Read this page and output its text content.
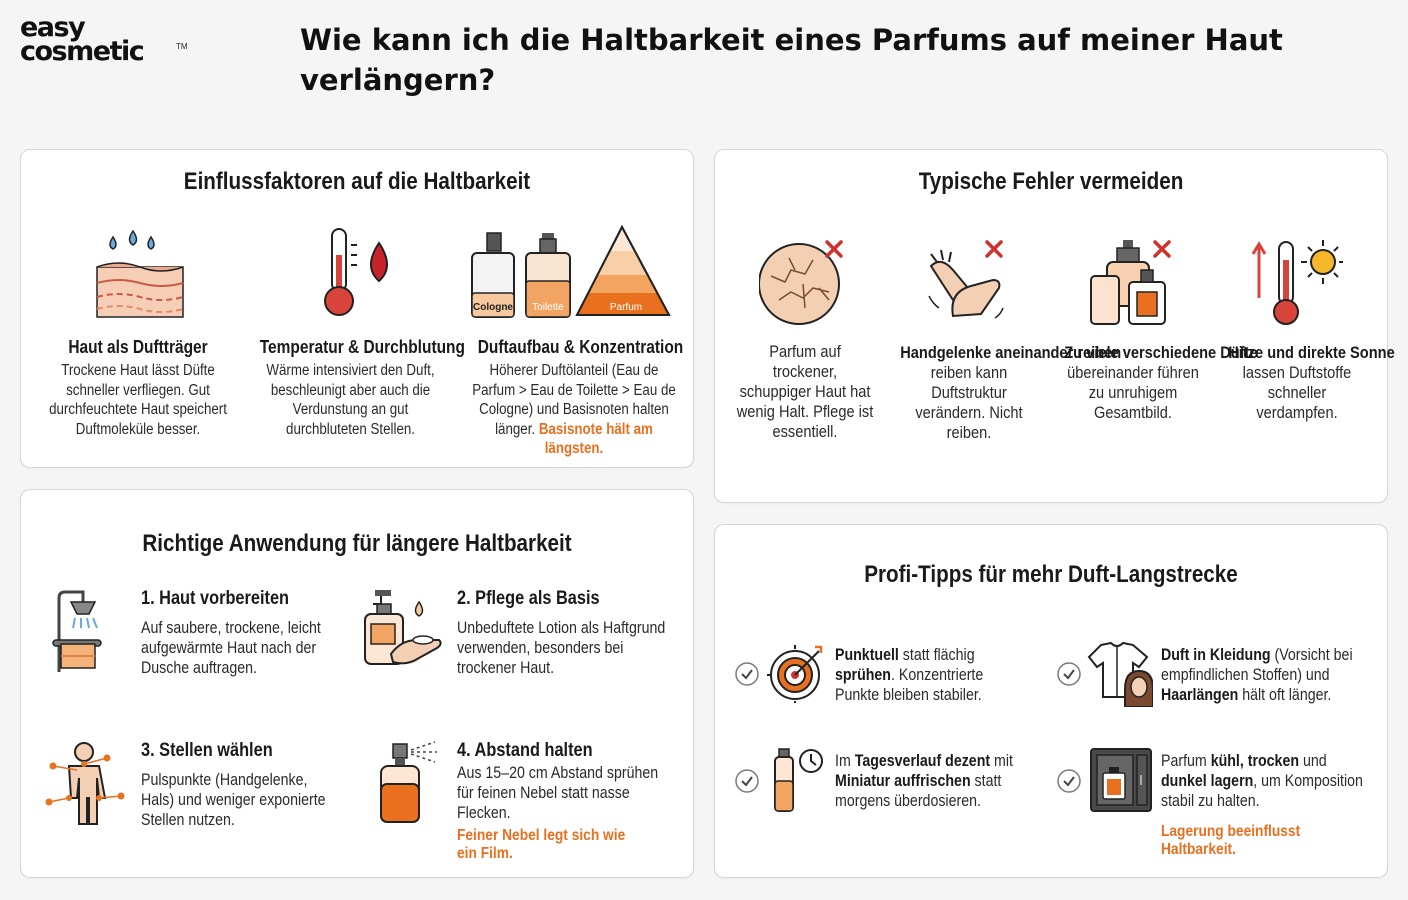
easy
cosmetic	TM	Wie kann ich die Haltbarkeit eines Parfums auf meiner Haut verlängern?
Einflussfaktoren auf die Haltbarkeit
Haut als Duftträger
Trockene Haut lässt Düfte schneller verfliegen. Gut durchfeuchtete Haut speichert Duftmoleküle besser.
Temperatur & Durchblutung
Wärme intensiviert den Duft, beschleunigt aber auch die Verdunstung an gut durchbluteten Stellen.
Cologne	Toilette	Parfum
Duftaufbau & Konzentration
Höherer Duftölanteil (Eau de Parfum > Eau de Toilette > Eau de Cologne) und Basisnoten halten länger. Basisnote hält am längsten.
Typische Fehler vermeiden
Parfum auf trockener, schuppiger Haut hat wenig Halt. Pflege ist essentiell.
Handgelenke aneinander reiben reiben kann Duftstruktur verändern. Nicht reiben.
Zu viele verschiedene Düfte übereinander führen zu unruhigem Gesamtbild.
Hitze und direkte Sonne lassen Duftstoffe schneller verdampfen.
Richtige Anwendung für längere Haltbarkeit
1. Haut vorbereiten
Auf saubere, trockene, leicht aufgewärmte Haut nach der Dusche auftragen.
2. Pflege als Basis
Unbeduftete Lotion als Haftgrund verwenden, besonders bei trockener Haut.
3. Stellen wählen
Pulspunkte (Handgelenke, Hals) und weniger exponierte Stellen nutzen.
4. Abstand halten
Aus 15–20 cm Abstand sprühen für feinen Nebel statt nasse Flecken.
Feiner Nebel legt sich wie ein Film.
Profi-Tipps für mehr Duft-Langstrecke
Punktuell statt flächig sprühen. Konzentrierte Punkte bleiben stabiler.
Duft in Kleidung (Vorsicht bei empfindlichen Stoffen) und Haarlängen hält oft länger.
Im Tagesverlauf dezent mit Miniatur auffrischen statt morgens überdosieren.
Parfum kühl, trocken und dunkel lagern, um Komposition stabil zu halten.
Lagerung beeinflusst Haltbarkeit.
